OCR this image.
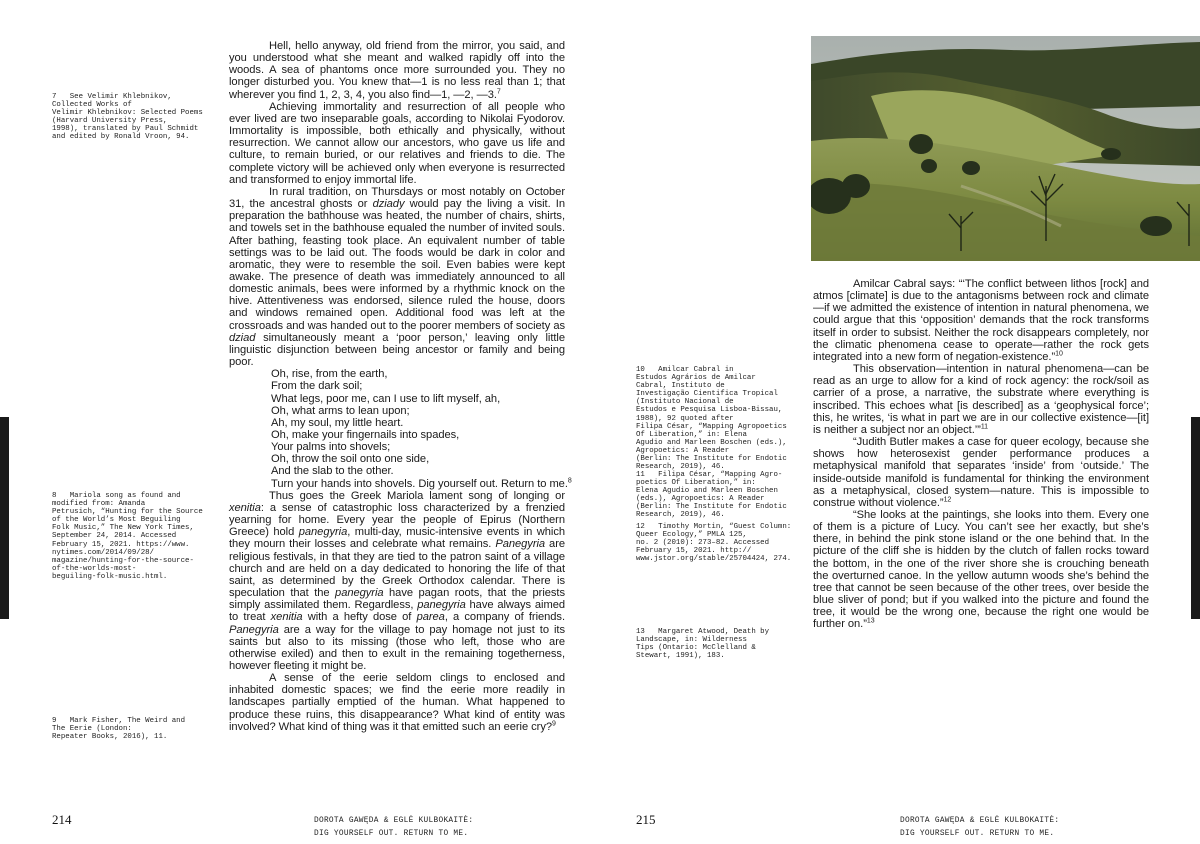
7   See Velimir Khlebnikov,
Collected Works of
Velimir Khlebnikov: Selected Poems
(Harvard University Press,
1998), translated by Paul Schmidt
and edited by Ronald Vroon, 94.
8   Mariola song as found and
modified from: Amanda
Petrusich, “Hunting for the Source
of the World’s Most Beguiling
Folk Music,” The New York Times,
September 24, 2014. Accessed
February 15, 2021. https://www.
nytimes.com/2014/09/28/
magazine/hunting-for-the-source-
of-the-worlds-most-
beguiling-folk-music.html.
9   Mark Fisher, The Weird and
The Eerie (London:
Repeater Books, 2016), 11.

Hell, hello anyway, old friend from the mirror, you said, and you understood what she meant and walked rapidly off into the woods. A sea of phantoms once more surrounded you. They no longer disturbed you. You knew that—1 is no less real than 1; that wherever you find 1, 2, 3, 4, you also find—1, —2, —3.$^7$

Achieving immortality and resurrection of all people who ever lived are two inseparable goals, according to Nikolai Fyodorov. Immortality is impossible, both ethically and physically, without resurrection. We cannot allow our ancestors, who gave us life and culture, to remain buried, or our relatives and friends to die. The complete victory will be achieved only when everyone is resurrected and transformed to enjoy immortal life.

In rural tradition, on Thursdays or most notably on October 31, the ancestral ghosts or dziady would pay the living a visit. In preparation the bathhouse was heated, the number of chairs, shirts, and towels set in the bathhouse equaled the number of invited souls. After bathing, feasting took place. An equivalent number of table settings was to be laid out. The foods would be dark in color and aromatic, they were to resemble the soil. Even babies were kept awake. The presence of death was immediately announced to all domestic animals, bees were informed by a rhythmic knock on the hive. Attentiveness was endorsed, silence ruled the house, doors and windows remained open. Additional food was left at the crossroads and was handed out to the poorer members of society as dziad simultaneously meant a ‘poor person,’ leaving only little linguistic disjunction between being ancestor or family and being poor.

Oh, rise, from the earth,
From the dark soil;
What legs, poor me, can I use to lift myself, ah,
Oh, what arms to lean upon;
Ah, my soul, my little heart.
Oh, make your fingernails into spades,
Your palms into shovels;
Oh, throw the soil onto one side,
And the slab to the other.
Turn your hands into shovels. Dig yourself out. Return to me.$^8$

Thus goes the Greek Mariola lament song of longing or xenitia: a sense of catastrophic loss characterized by a frenzied yearning for home. Every year the people of Epirus (Northern Greece) hold panegyria, multi-day, music-intensive events in which they mourn their losses and celebrate what remains. Panegyria are religious festivals, in that they are tied to the patron saint of a village church and are held on a day dedicated to honoring the life of that saint, as determined by the Greek Orthodox calendar. There is speculation that the panegyria have pagan roots, that the priests simply assimilated them. Regardless, panegyria have always aimed to treat xenitia with a hefty dose of parea, a company of friends. Panegyria are a way for the village to pay homage not just to its saints but also to its missing (those who left, those who are otherwise exiled) and then to exult in the remaining togetherness, however fleeting it might be.

A sense of the eerie seldom clings to enclosed and inhabited domestic spaces; we find the eerie more readily in landscapes partially emptied of the human. What happened to produce these ruins, this disappearance? What kind of entity was involved? What kind of thing was it that emitted such an eerie cry?$^9$

214	DOROTA GAWĘDA & EGLĖ KULBOKAITĖ:
DIG YOURSELF OUT. RETURN TO ME.
10   Amilcar Cabral in
Estudos Agrários de Amilcar
Cabral, Instituto de
Investigação Cientifica Tropical
(Instituto Nacional de
Estudos e Pesquisa Lisboa-Bissau,
1988), 92 quoted after
Filipa César, “Mapping Agropoetics
Of Liberation,” in: Elena
Agudio and Marleen Boschen (eds.),
Agropoetics: A Reader
(Berlin: The Institute for Endotic
Research, 2019), 46.
11   Filipa César, “Mapping Agro-
poetics Of Liberation,” in:
Elena Agudio and Marleen Boschen
(eds.), Agropoetics: A Reader
(Berlin: The Institute for Endotic
Research, 2019), 46.
12   Timothy Mortin, “Guest Column:
Queer Ecology,” PMLA 125,
no. 2 (2010): 273–82. Accessed
February 15, 2021. http://
www.jstor.org/stable/25704424, 274.
13   Margaret Atwood, Death by
Landscape, in: Wilderness
Tips (Ontario: McClelland &
Stewart, 1991), 183.

Amilcar Cabral says: “‘The conflict between lithos [rock] and atmos [climate] is due to the antagonisms between rock and climate—if we admitted the existence of intention in natural phenomena, we could argue that this ‘opposition’ demands that the rock transforms itself in order to subsist. Neither the rock disappears completely, nor the climatic phenomena cease to operate—rather the rock gets integrated into a new form of negation-existence.”$^{10}$

This observation—intention in natural phenomena—can be read as an urge to allow for a kind of rock agency: the rock/soil as carrier of a prose, a narrative, the substrate where everything is inscribed. This echoes what [is described] as a ‘geophysical force’; this, he writes, ‘is what in part we are in our collective existence—[it] is neither a subject nor an object.’”$^{11}$

“Judith Butler makes a case for queer ecology, because she shows how heterosexist gender performance produces a metaphysical manifold that separates ‘inside’ from ‘outside.’ The inside-outside manifold is fundamental for thinking the environment as a metaphysical, closed system—nature. This is impossible to construe without violence.”$^{12}$

“She looks at the paintings, she looks into them. Every one of them is a picture of Lucy. You can’t see her exactly, but she’s there, in behind the pink stone island or the one behind that. In the picture of the cliff she is hidden by the clutch of fallen rocks toward the bottom, in the one of the river shore she is crouching beneath the overturned canoe. In the yellow autumn woods she’s behind the tree that cannot be seen because of the other trees, over beside the blue sliver of pond; but if you walked into the picture and found the tree, it would be the wrong one, because the right one would be further on.”$^{13}$

215	DOROTA GAWĘDA & EGLĖ KULBOKAITĖ:
DIG YOURSELF OUT. RETURN TO ME.
